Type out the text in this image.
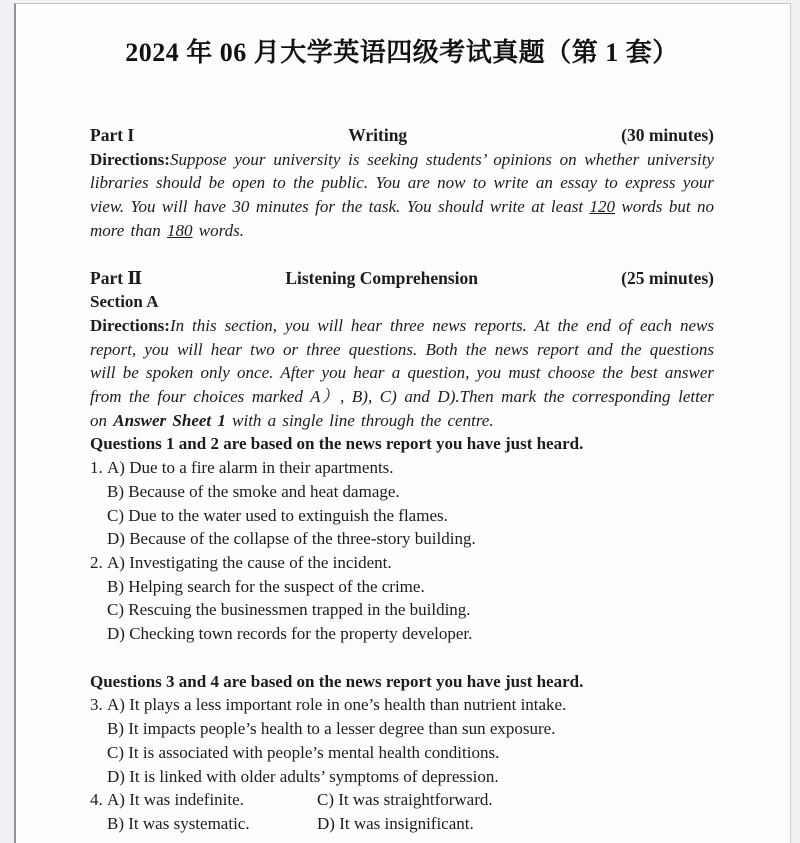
2024 年 06 月大学英语四级考试真题（第 1 套）
Part I	Writing	(30 minutes)

Directions:Suppose your university is seeking students’ opinions on whether university libraries should be open to the public. You are now to write an essay to express your view. You will have 30 minutes for the task. You should write at least 120 words but no more than 180 words.

Part Ⅱ	Listening Comprehension	(25 minutes)
Section A

Directions:In this section, you will hear three news reports. At the end of each news report, you will hear two or three questions. Both the news report and the questions will be spoken only once. After you hear a question, you must choose the best answer from the four choices marked A）, B), C) and D).Then mark the corresponding letter on Answer Sheet 1 with a single line through the centre.

Questions 1 and 2 are based on the news report you have just heard.
1. A) Due to a fire alarm in their apartments.
B) Because of the smoke and heat damage.
C) Due to the water used to extinguish the flames.
D) Because of the collapse of the three-story building.
2. A) Investigating the cause of the incident.
B) Helping search for the suspect of the crime.
C) Rescuing the businessmen trapped in the building.
D) Checking town records for the property developer.
Questions 3 and 4 are based on the news report you have just heard.
3. A) It plays a less important role in one’s health than nutrient intake.
B) It impacts people’s health to a lesser degree than sun exposure.
C) It is associated with people’s mental health conditions.
D) It is linked with older adults’ symptoms of depression.
4. A) It was indefinite.	C) It was straightforward.
B) It was systematic.	D) It was insignificant.
